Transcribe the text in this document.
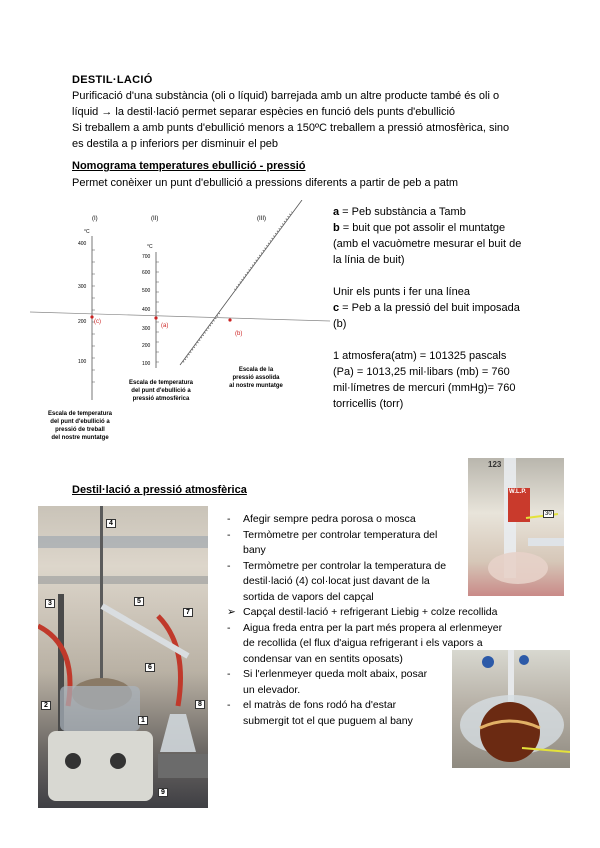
DESTIL·LACIÓ
Purificació d'una substància (oli o líquid) barrejada amb un altre producte també és oli o
líquid → la destil·lació permet separar espècies en funció dels punts d'ebullició
Si treballem a amb punts d'ebullició menors a 150ºC treballem a pressió atmosfèrica, sino
es destila a p inferiors per disminuir el peb
Nomograma temperatures ebullició - pressió
Permet conèixer un punt d'ebullició a pressions diferents a partir de peb a patm
(I)	(II)	(III)
°C
400
300
200
100
°C
700
600
500
400
300
200
100
(c)
(a)
(b)
Escala de la
pressió assolida
al nostre muntatge
Escala de temperatura
del punt d'ebullició a
pressió atmosfèrica
Escala de temperatura
del punt d'ebullició a
pressió de treball
del nostre muntatge
a = Peb substància a Tamb
b = buit que pot assolir el muntatge
(amb el vacuòmetre mesurar el buit de
la línia de buit)
Unir els punts i fer una línea
c = Peb a la pressió del buit imposada
(b)
1 atmosfera(atm) = 101325 pascals
(Pa) = 1013,25 mil·libars (mb) = 760
mil·límetres de mercuri (mmHg)= 760
torricellis (torr)
Destil·lació a pressió atmosfèrica
4
3	5
7
6
2	8
1
9
123
W.L.P.
30
-	Afegir sempre pedra porosa o mosca
-	Termòmetre per controlar temperatura del
bany
-	Termòmetre per controlar la temperatura de
destil·lació (4) col·locat just davant de la
sortida de vapors del capçal
➢ Capçal destil·lació + refrigerant Liebig + colze recollida
-	Aigua freda entra per la part més propera al erlenmeyer
de recollida (el flux d'aigua refrigerant i els vapors a
condensar van en sentits oposats)
-	Si l'erlenmeyer queda molt abaix, posar
un elevador.
-	el matràs de fons rodó ha d'estar
submergit tot el que puguem al bany
